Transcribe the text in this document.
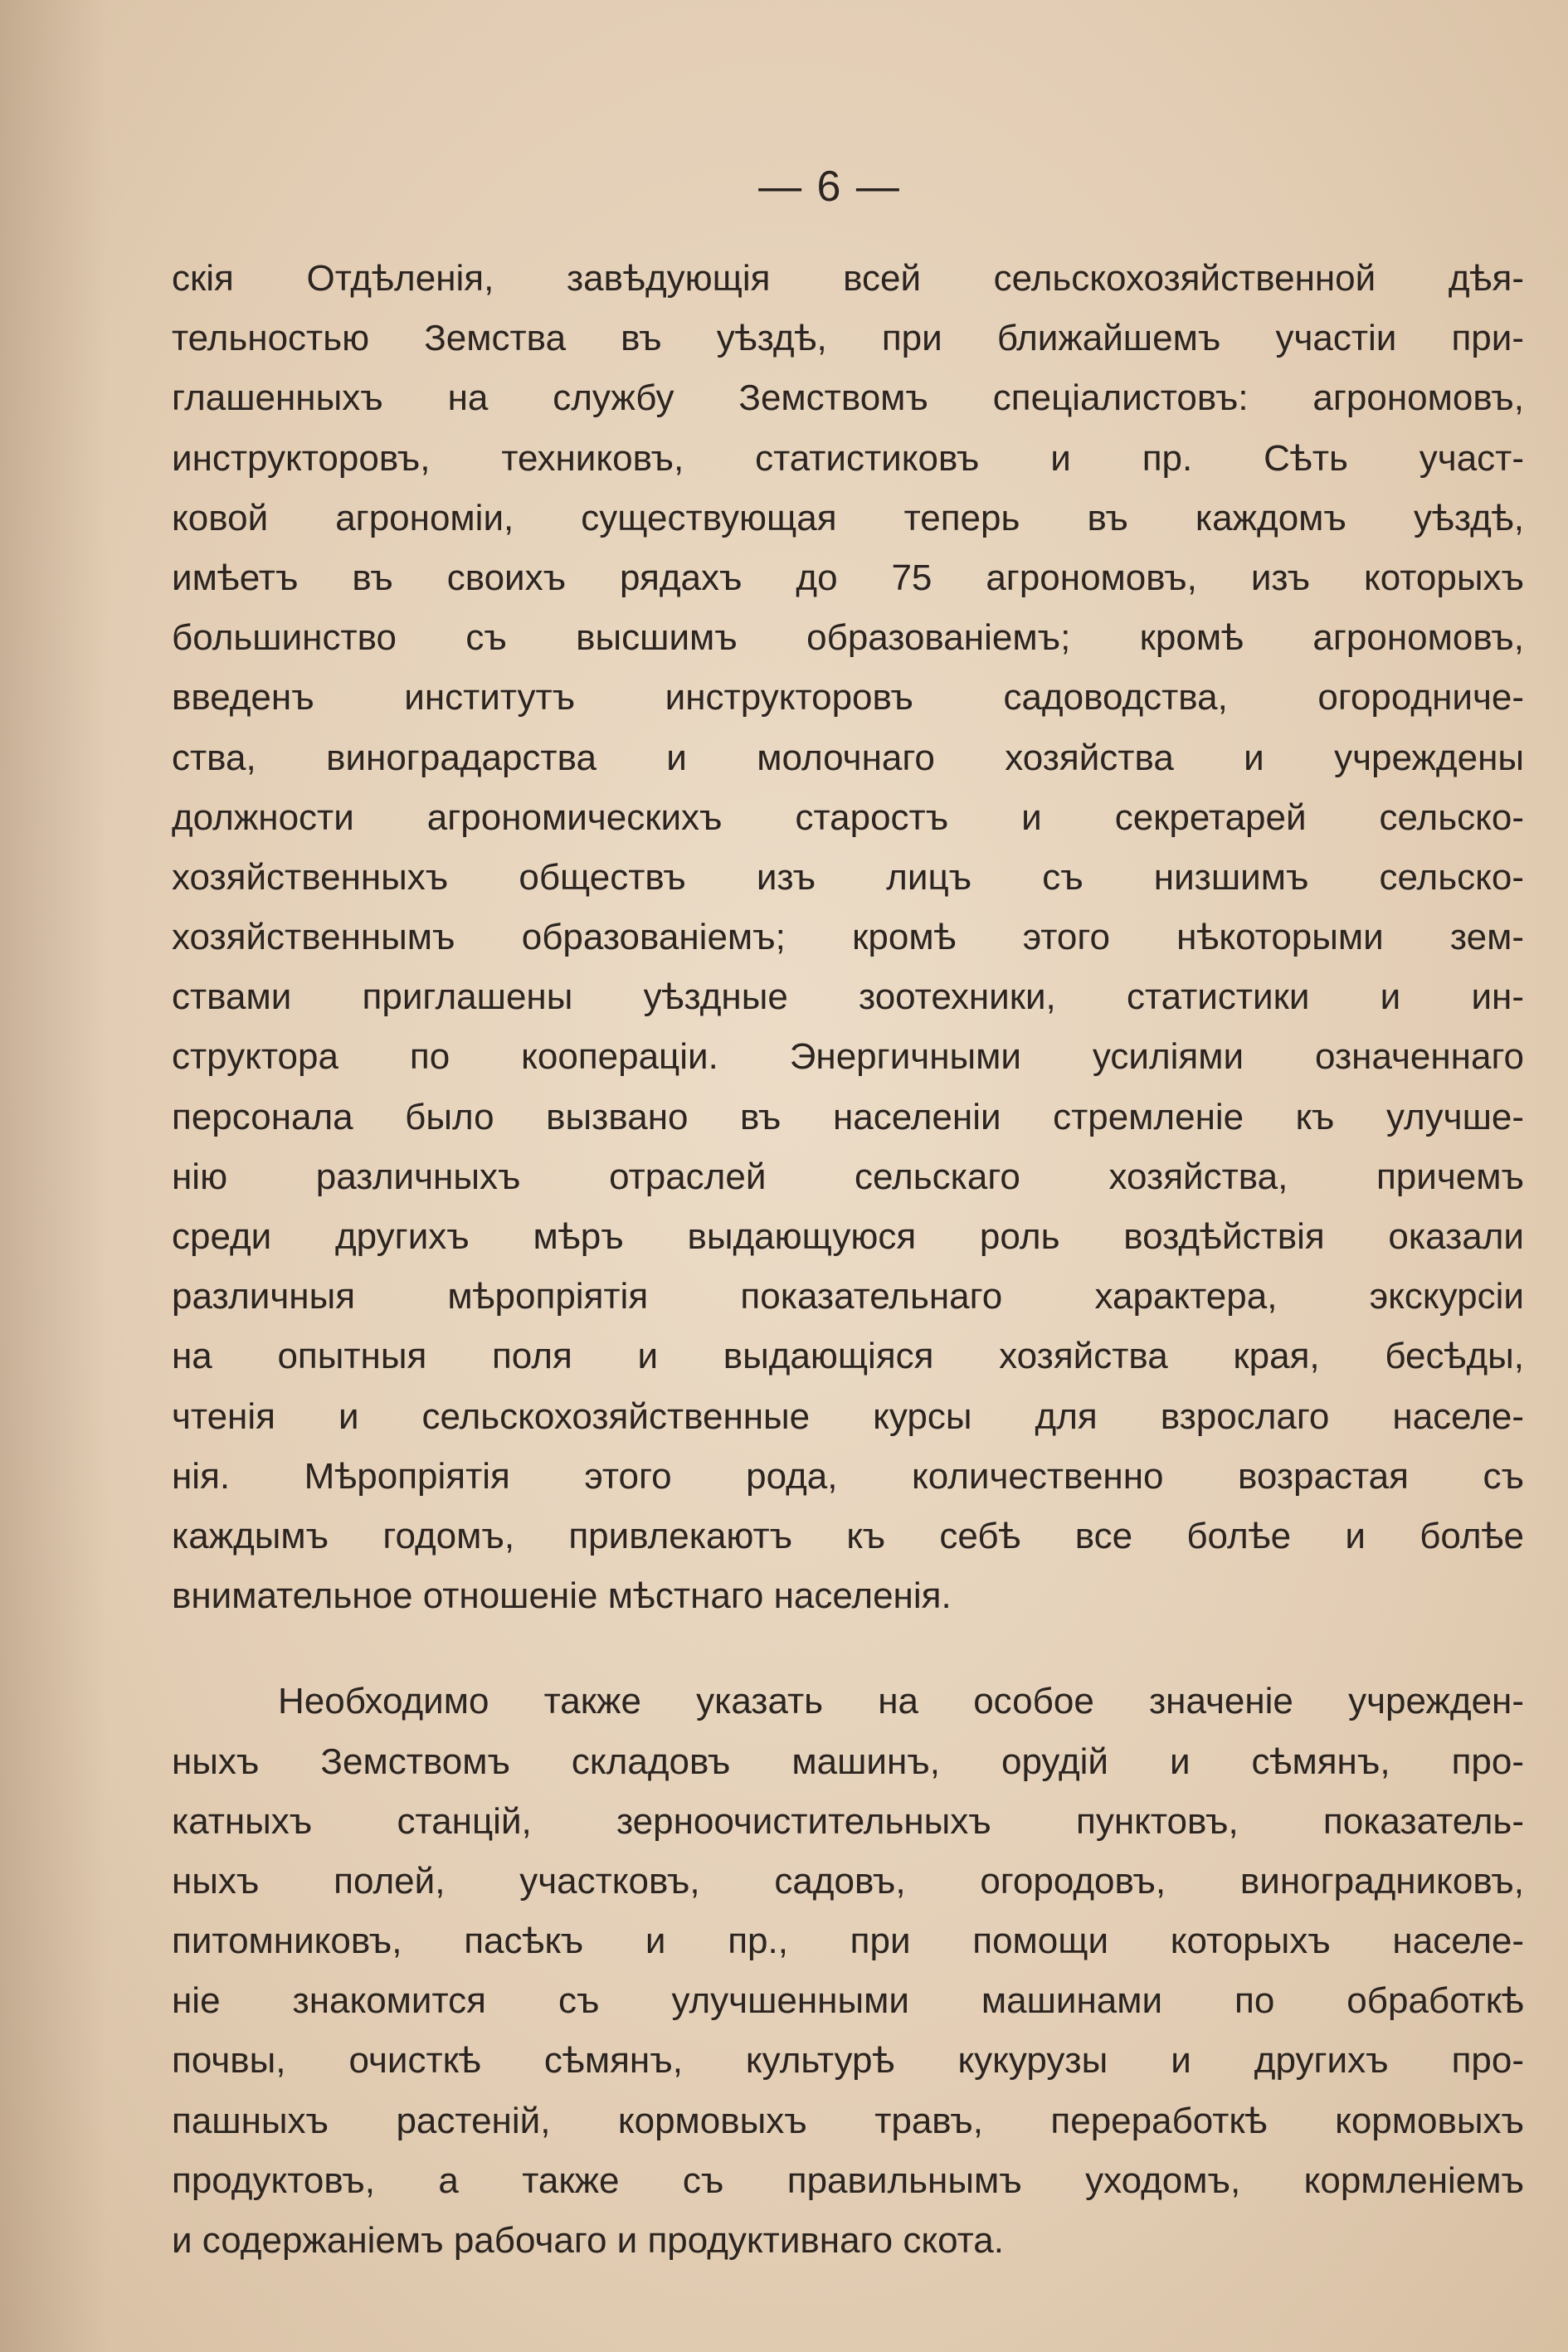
— 6 —
скія Отдѣленія, завѣдующія всей сельскохозяйственной дѣя-
тельностью Земства въ уѣздѣ, при ближайшемъ участіи при-
глашенныхъ на службу Земствомъ спеціалистовъ: агрономовъ,
инструкторовъ, техниковъ, статистиковъ и пр. Сѣть участ-
ковой агрономіи, существующая теперь въ каждомъ уѣздѣ,
имѣетъ въ своихъ рядахъ до 75 агрономовъ, изъ которыхъ
большинство съ высшимъ образованіемъ; кромѣ агрономовъ,
введенъ институтъ инструкторовъ садоводства, огородниче-
ства, виноградарства и молочнаго хозяйства и учреждены
должности агрономическихъ старостъ и секретарей сельско-
хозяйственныхъ обществъ изъ лицъ съ низшимъ сельско-
хозяйственнымъ образованіемъ; кромѣ этого нѣкоторыми зем-
ствами приглашены уѣздные зоотехники, статистики и ин-
структора по кооперацiи. Энергичными усиліями означеннаго
персонала было вызвано въ населеніи стремленіе къ улучше-
нію различныхъ отраслей сельскаго хозяйства, причемъ
среди другихъ мѣръ выдающуюся роль воздѣйствія оказали
различныя мѣропріятія показательнаго характера, экскурсіи
на опытныя поля и выдающіяся хозяйства края, бесѣды,
чтенія и сельскохозяйственные курсы для взрослаго населе-
нія. Мѣропріятія этого рода, количественно возрастая съ
каждымъ годомъ, привлекаютъ къ себѣ все болѣе и болѣе
внимательное отношеніе мѣстнаго населенія.
Необходимо также указать на особое значеніе учрежден-
ныхъ Земствомъ складовъ машинъ, орудій и сѣмянъ, про-
катныхъ станцій, зерноочистительныхъ пунктовъ, показатель-
ныхъ полей, участковъ, садовъ, огородовъ, виноградниковъ,
питомниковъ, пасѣкъ и пр., при помощи которыхъ населе-
ніе знакомится съ улучшенными машинами по обработкѣ
почвы, очисткѣ сѣмянъ, культурѣ кукурузы и другихъ про-
пашныхъ растеній, кормовыхъ травъ, переработкѣ кормовыхъ
продуктовъ, а также съ правильнымъ уходомъ, кормленіемъ
и содержаніемъ рабочаго и продуктивнаго скота.
